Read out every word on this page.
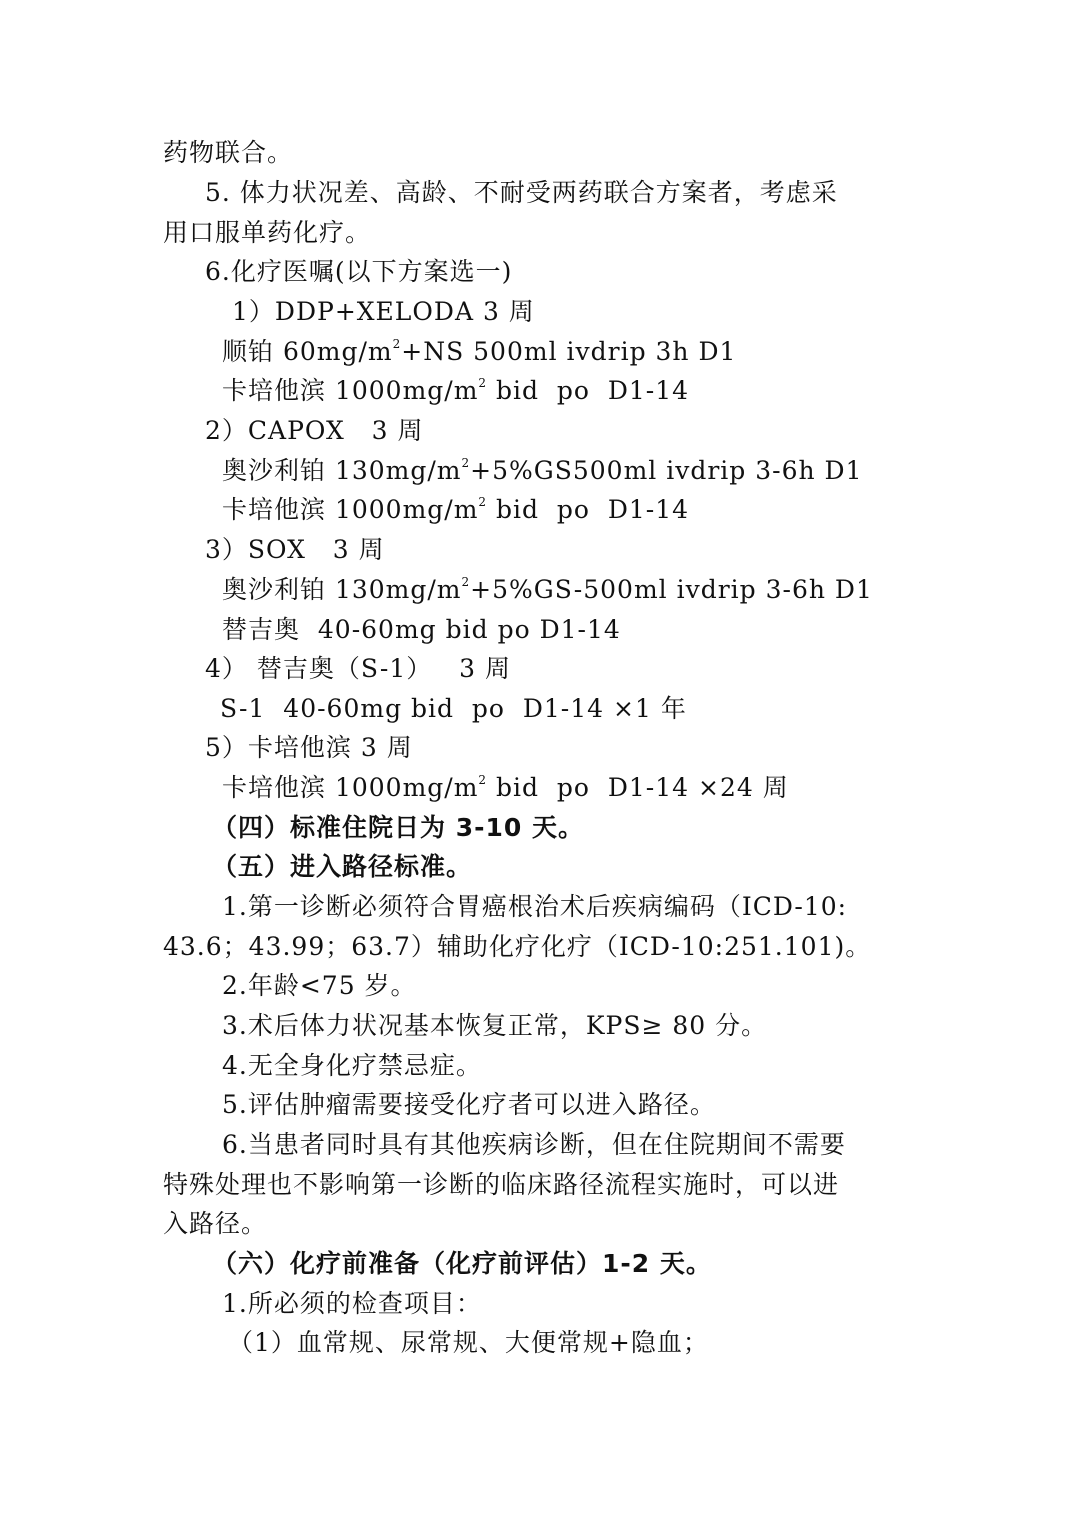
药物联合。
5. 体力状况差、高龄、不耐受两药联合方案者，考虑采
用口服单药化疗。
6.化疗医嘱(以下方案选一)
1）DDP+XELODA 3 周
顺铂 $60mg/m^2+NS$ 500ml ivdrip 3h D1
卡培他滨 $1000mg/m^2$ bid  po  D1-14
2）CAPOX   3 周
奥沙利铂 $130mg/m^2+5\%GS500ml$ ivdrip 3-6h D1
卡培他滨 $1000mg/m^2$ bid  po  D1-14
3）SOX   3 周
奥沙利铂 $130mg/m^2+5\%GS-500ml$ ivdrip 3-6h D1
替吉奥  40-60mg bid po D1-14
4） 替吉奥（S-1）   3 周
S-1  40-60mg bid  po  D1-14 ×1 年
5）卡培他滨 3 周
卡培他滨 $1000mg/m^2$ bid  po  D1-14 ×24 周
（四）标准住院日为 3-10 天。
（五）进入路径标准。
1.第一诊断必须符合胃癌根治术后疾病编码（ICD-10:
43.6；43.99；63.7）辅助化疗化疗（ICD-10:251.101)。
2.年龄<75 岁。
3.术后体力状况基本恢复正常，KPS≥ 80 分。
4.无全身化疗禁忌症。
5.评估肿瘤需要接受化疗者可以进入路径。
6.当患者同时具有其他疾病诊断，但在住院期间不需要
特殊处理也不影响第一诊断的临床路径流程实施时，可以进
入路径。
（六）化疗前准备（化疗前评估）1-2 天。
1.所必须的检查项目：
（1）血常规、尿常规、大便常规+隐血；
